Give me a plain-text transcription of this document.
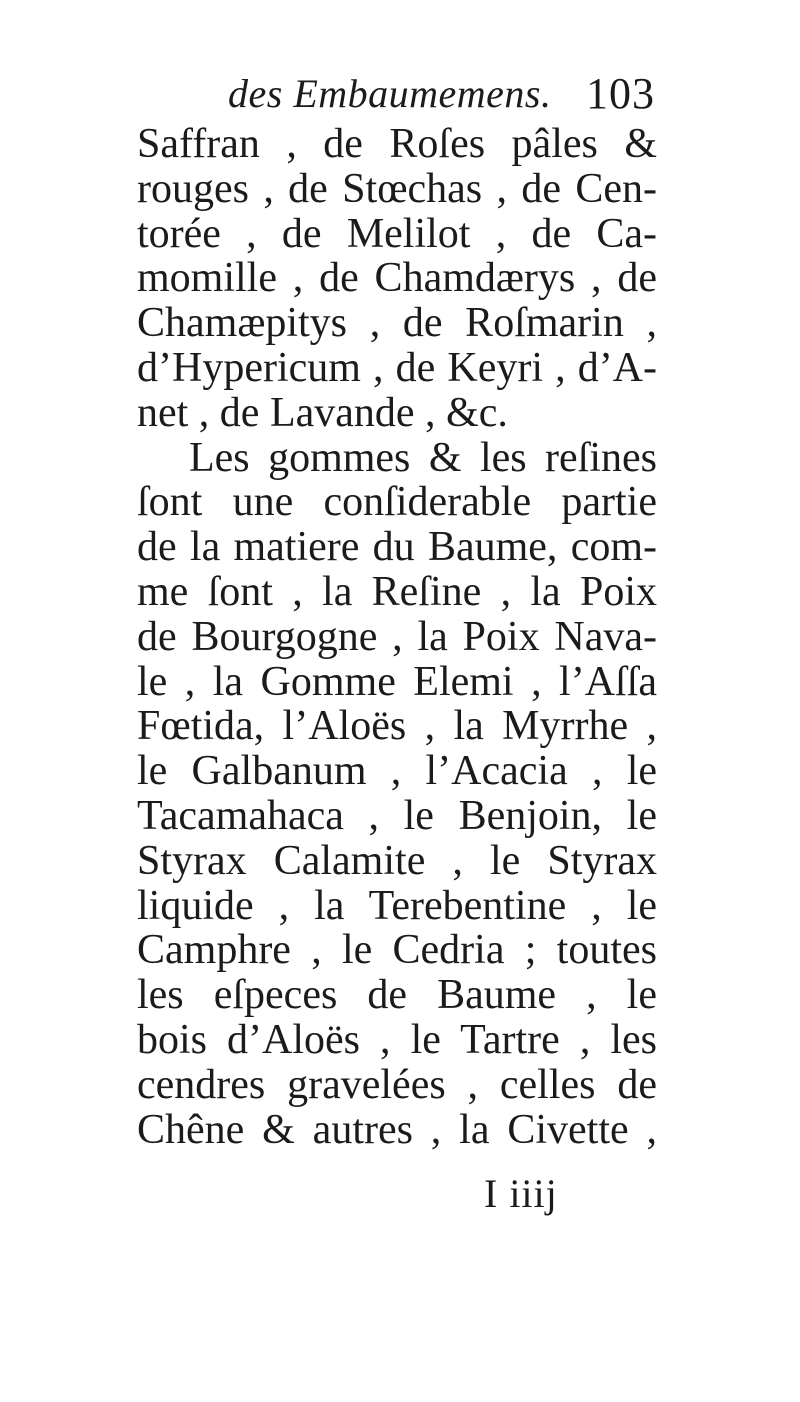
des Embaumemens. 103
Saffran , de Roſes pâles &
rouges , de Stœchas , de Cen-
torée , de Melilot , de Ca-
momille , de Chamdærys , de
Chamæpitys , de Roſmarin ,
d’Hypericum , de Keyri , d’A-
net , de Lavande , &c.
Les gommes & les reſines
ſont une conſiderable partie
de la matiere du Baume, com-
me ſont , la Reſine , la Poix
de Bourgogne , la Poix Nava-
le , la Gomme Elemi , l’Aſſa
Fœtida, l’Aloës , la Myrrhe ,
le Galbanum , l’Acacia , le
Tacamahaca , le Benjoin, le
Styrax Calamite , le Styrax
liquide , la Terebentine , le
Camphre , le Cedria ; toutes
les eſpeces de Baume , le
bois d’Aloës , le Tartre , les
cendres gravelées , celles de
Chêne & autres , la Civette ,
I iiij
